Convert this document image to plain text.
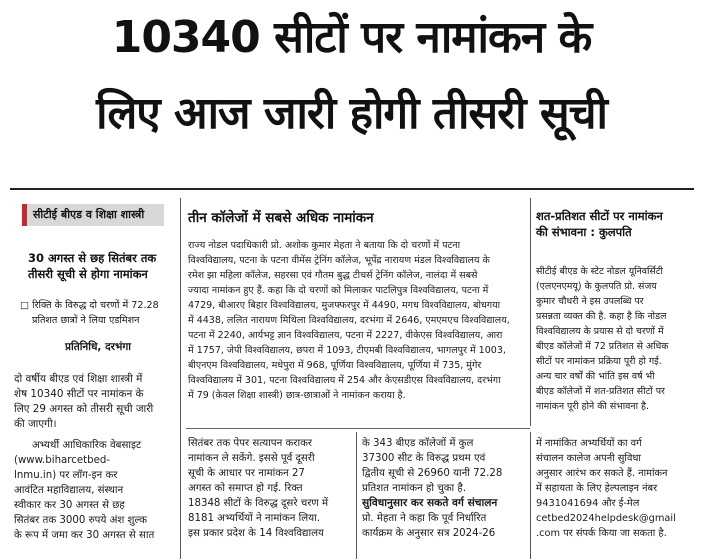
10340 सीटों पर नामांकन के
लिए आज जारी होगी तीसरी सूची
सीटीई बीएड व शिक्षा शास्त्री
30 अगस्त से छह सितंबर तक
तीसरी सूची से होगा नामांकन
□ रिक्ति के विरुद्ध दो चरणों में 72.28
प्रतिशत छात्रों ने लिया एडमिशन
प्रतिनिधि, दरभंगा
दो वर्षीय बीएड एवं शिक्षा शास्त्री में
शेष 10340 सीटों पर नामांकन के
लिए 29 अगस्त को तीसरी सूची जारी
की जाएगी।
अभ्यर्थी आधिकारिक वेबसाइट
(www.biharcetbed-
lnmu.in) पर लॉग-इन कर
आवंटित महाविद्यालय, संस्थान
स्वीकार कर 30 अगस्त से छह
सितंबर तक 3000 रुपये अंश शुल्क
के रूप में जमा कर 30 अगस्त से सात
तीन कॉलेजों में सबसे अधिक नामांकन
राज्य नोडल पदाधिकारी प्रो. अशोक कुमार मेहता ने बताया कि दो चरणों में पटना
विश्वविद्यालय, पटना के पटना वीमेंस ट्रेनिंग कॉलेज, भूपेंद्र नारायण मंडल विश्वविद्यालय के
रमेश झा महिला कॉलेज, सहरसा एवं गौतम बुद्ध टीचर्स ट्रेनिंग कॉलेज, नालंदा में सबसे
ज्यादा नामांकन हुए हैं. कहा कि दो चरणों को मिलाकर पाटलिपुत्र विश्वविद्यालय, पटना में
4729, बीआरए बिहार विश्वविद्यालय, मुजफ्फरपुर में 4490, मगध विश्वविद्यालय, बोधगया
में 4438, ललित नारायण मिथिला विश्वविद्यालय, दरभंगा में 2646, एमएमएच विश्वविद्यालय,
पटना में 2240, आर्यभट्ट ज्ञान विश्वविद्यालय, पटना में 2227, वीकेएस विश्वविद्यालय, आरा
में 1757, जेपी विश्वविद्यालय, छपरा में 1093, टीएमबी विश्वविद्यालय, भागलपुर में 1003,
बीएनएम विश्वविद्यालय, मधेपुरा में 968, पूर्णिया विश्वविद्यालय, पूर्णिया में 735, मुंगेर
विश्वविद्यालय में 301, पटना विश्वविद्यालय में 254 और केएसडीएस विश्वविद्यालय, दरभंगा
में 79 (केवल शिक्षा शास्त्री) छात्र-छात्राओं ने नामांकन कराया है.
सितंबर तक पेपर सत्यापन कराकर
नामांकन ले सकेंगे. इससे पूर्व दूसरी
सूची के आधार पर नामांकन 27
अगस्त को समाप्त हो गई. रिक्त
18348 सीटों के विरुद्ध दूसरे चरण में
8181 अभ्यर्थियों ने नामांकन लिया.
इस प्रकार प्रदेश के 14 विश्वविद्यालय
के 343 बीएड कॉलेजों में कुल
37300 सीट के विरुद्ध प्रथम एवं
द्वितीय सूची से 26960 यानी 72.28
प्रतिशत नामांकन हो चुका है.
सुविधानुसार कर सकते वर्ग संचालन
प्रो. मेहता ने कहा कि पूर्व निर्धारित
कार्यक्रम के अनुसार सत्र 2024-26
शत-प्रतिशत सीटों पर नामांकन
की संभावना : कुलपति
सीटीई बीएड के स्टेट नोडल यूनिवर्सिटी
(एलएनएमयू) के कुलपति प्रो. संजय
कुमार चौधरी ने इस उपलब्धि पर
प्रसन्नता व्यक्त की है. कहा है कि नोडल
विश्वविद्यालय के प्रयास से दो चरणों में
बीएड कॉलेजों में 72 प्रतिशत से अधिक
सीटों पर नामांकन प्रक्रिया पूरी हो गई.
अन्य चार वर्षों की भांति इस वर्ष भी
बीएड कॉलेजों में शत-प्रतिशत सीटों पर
नामांकन पूरी होने की संभावना है.
में नामांकित अभ्यर्थियों का वर्ग
संचालन कालेज अपनी सुविधा
अनुसार आरंभ कर सकते हैं. नामांकन
में सहायता के लिए हेल्पलाइन नंबर
9431041694 और ई-मेल
cetbed2024helpdesk@gmail
.com पर संपर्क किया जा सकता है.
